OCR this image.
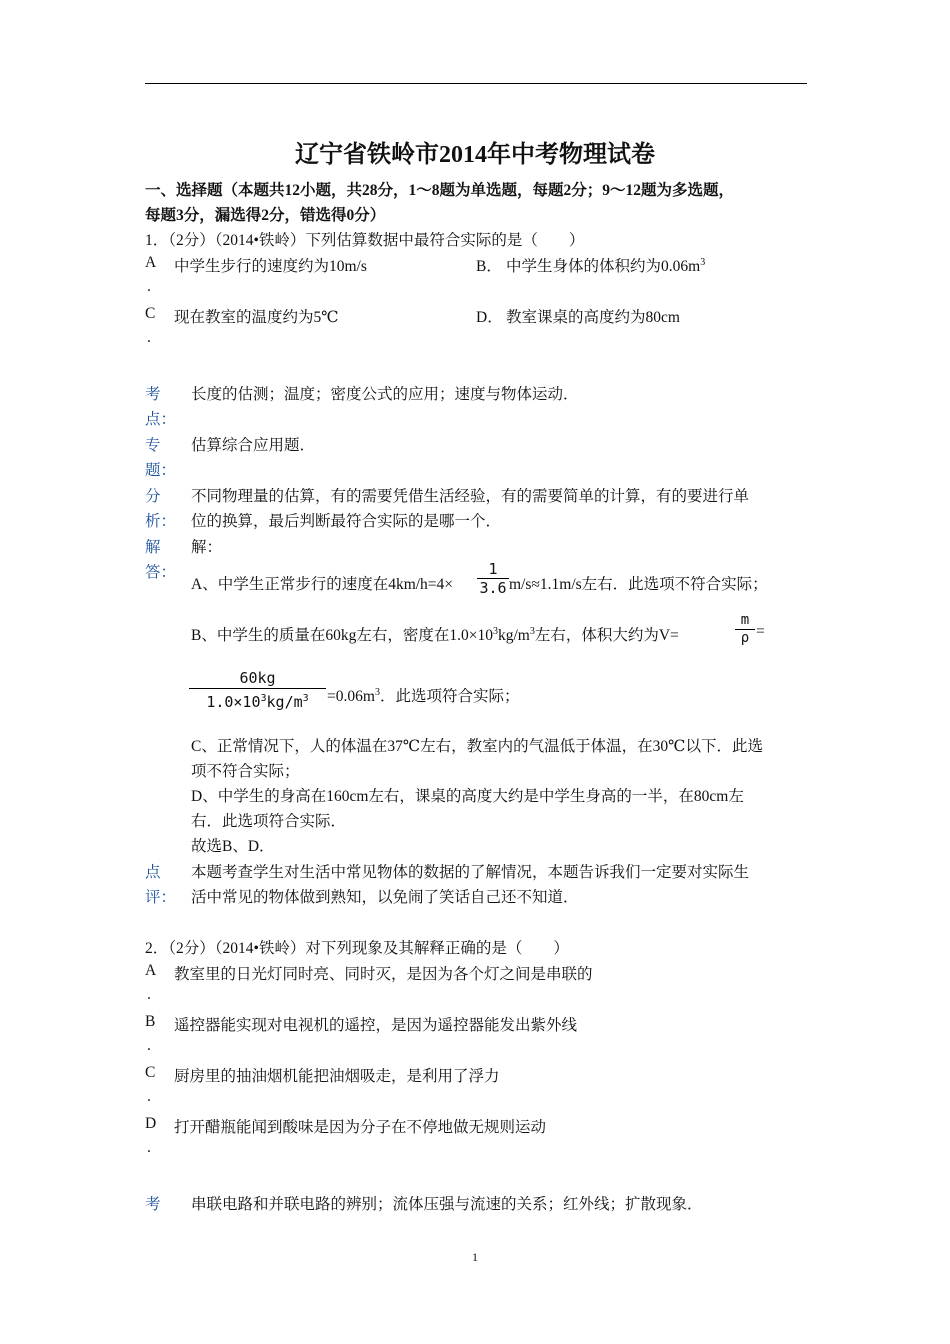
辽宁省铁岭市2014年中考物理试卷
一、选择题（本题共12小题，共28分，1～8题为单选题，每题2分；9～12题为多选题，
每题3分，漏选得2分，错选得0分）
1．（2分）（2014•铁岭）下列估算数据中最符合实际的是（　　）
A
.
中学生步行的速度约为10m/s	B． 中学生身体的体积约为$0.06m^3$
C
.
现在教室的温度约为5℃	D． 教室课桌的高度约为80cm
考
点：
长度的估测；温度；密度公式的应用；速度与物体运动．
专
题：
估算综合应用题．
分
析：
不同物理量的估算，有的需要凭借生活经验，有的需要简单的计算，有的要进行单
位的换算，最后判断最符合实际的是哪一个．
解
答：
解：
A、中学生正常步行的速度在4km/h=4×
1
3.6 m/s≈1.1m/s左右．此选项不符合实际；
B、中学生的质量在60kg左右，密度在$1.0\times 10^3kg/m^3$左右，体积大约为V=
m
ρ =
60kg
$1.0\times 10^3kg/m^3$	$=0.06m^3$．此选项符合实际；
C、正常情况下，人的体温在37℃左右，教室内的气温低于体温，在30℃以下．此选
项不符合实际；
D、中学生的身高在160cm左右，课桌的高度大约是中学生身高的一半，在80cm左
右．此选项符合实际．
故选B、D．
点
评：
本题考查学生对生活中常见物体的数据的了解情况，本题告诉我们一定要对实际生
活中常见的物体做到熟知，以免闹了笑话自己还不知道．
2．（2分）（2014•铁岭）对下列现象及其解释正确的是（　　）
A
.
教室里的日光灯同时亮、同时灭，是因为各个灯之间是串联的
B
.
遥控器能实现对电视机的遥控，是因为遥控器能发出紫外线
C
.
厨房里的抽油烟机能把油烟吸走，是利用了浮力
D
.
打开醋瓶能闻到酸味是因为分子在不停地做无规则运动
考 串联电路和并联电路的辨别；流体压强与流速的关系；红外线；扩散现象．
1
